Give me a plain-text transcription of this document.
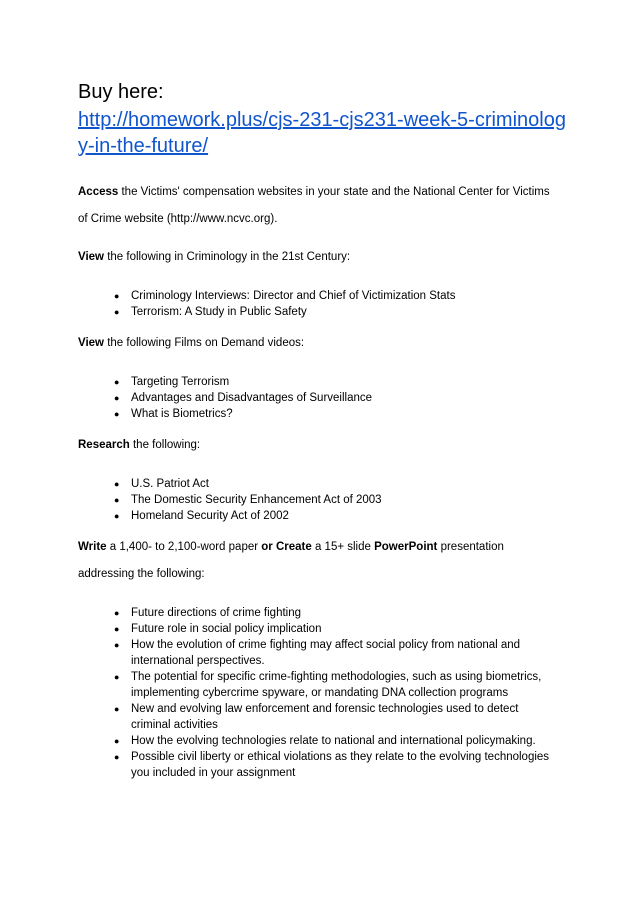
Buy here:

http://homework.plus/cjs-231-cjs231-week-5-criminology-in-the-future/

Access the Victims' compensation websites in your state and the National Center for Victims
of Crime website (http://www.ncvc.org).

View the following in Criminology in the 21st Century:

● Criminology Interviews: Director and Chief of Victimization Stats
● Terrorism: A Study in Public Safety

View the following Films on Demand videos:

● Targeting Terrorism
● Advantages and Disadvantages of Surveillance
● What is Biometrics?

Research the following:

● U.S. Patriot Act
● The Domestic Security Enhancement Act of 2003
● Homeland Security Act of 2002

Write a 1,400- to 2,100-word paper or Create a 15+ slide PowerPoint presentation
addressing the following:

● Future directions of crime fighting
● Future role in social policy implication
● How the evolution of crime fighting may affect social policy from national and international perspectives.
● The potential for specific crime-fighting methodologies, such as using biometrics, implementing cybercrime spyware, or mandating DNA collection programs
● New and evolving law enforcement and forensic technologies used to detect criminal activities
● How the evolving technologies relate to national and international policymaking.
● Possible civil liberty or ethical violations as they relate to the evolving technologies you included in your assignment
